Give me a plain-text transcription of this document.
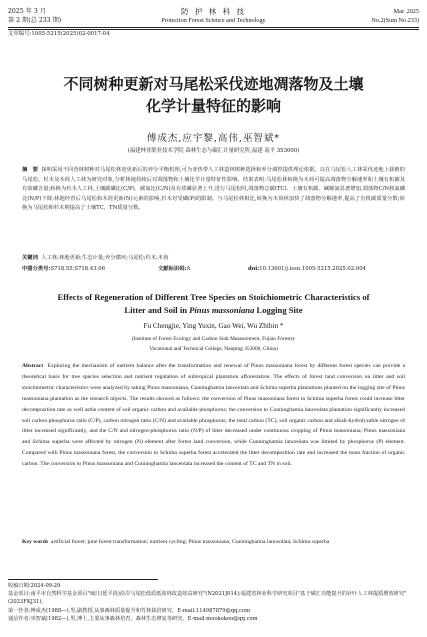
2025 年 3 月
第 2 期(总 233 期)
防 护 林 科 技
Protection Forest Science and Technology
Mar. 2025
No.2(Sum No.233)
文章编号:1005-5215(2025)02-0017-04
不同树种更新对马尾松采伐迹地凋落物及土壤
化学计量特征的影响
傅成杰,应宇黎,高伟,巫智斌*
(福建林业职业技术学院 森林生态与碳汇计量研究所,福建 南平 353000)
摘　要 探明采用不同营林树种对马尾松林迹更新后的养分平衡机理,可为亚热带人工林造林树种选择和养分调控提供理论依据。以在马尾松人工林采伐迹地上栽植的马尾松、杉木及木荷人工林为研究对象,分析林地持续后对凋落物和土壤化学计量特征性影响。结果表明:马尾松林转换为木荷可提高凋落物分解速率和土壤有机碳及有效磷含量;转换为杉木人工林,土壤碳磷比(C/P)、碳氮比(C/N)及有效磷显著上升,进行马尾松时,凋落物总碳(TC)、土壤有机碳、碱解氮显著增加,凋落物C/N和氮磷比(N/P)下降;林地经营后马尾松和木荷更新(N)元素的影响,杉木对受磷(P)的限制。与马尾松林相比,转换为木荷林加快了凋落物分解速率,提高了有机碳质量分数;转换为马尾松和杉木则提高了土壤TC、TN质量分数。
关键词 人工林;林地更新;生态计量;养分循环;马尾松;杉木;木荷
中图分类号:S718.55;S718.43.06	文献标识码:A	doi:10.13601/j.issn.1005-5215.2025.02.004
Effects of Regeneration of Different Tree Species on Stoichiometric Characteristics of
Litter and Soil in Pinus massoniana Logging Site
Fu Chengjie, Ying Yuxin, Gao Wei, Wu Zhibin *
(Institute of Forest Ecology and Carbon Sink Measurement, Fujian Forestry
Vocational and Technical College, Nanping 353000, China)
Abstract Exploring the mechanism of nutrient balance after the transformation and renewal of Pinus massoniana forest by different forest species can provide a theoretical basis for tree species selection and nutrient regulation of subtropical plantation afforestation. The effects of forest land conversion on litter and soil stoichiometric characteristics were analyzed by taking Pinus massoniana, Cunninghamia lanceolata and Schima superba plantations planted on the logging site of Pinus massoniana plantation as the research objects. The results showed as follows: the conversion of Pinus massoniana forest to Schima superba forest could increase litter decomposition rate as well asthe content of soil organic carbon and available phosphorus; the conversion to Cunninghamia lanceolata plantation significantly increased soil carbon phosphorus ratio (C/P), carbon nitrogen ratio (C/N) and available phosphorus; the total carbon (TC), soil organic carbon and alkali-hydrolyzable nitrogen of litter increased significantly, and the C/N and nitrogen-phosphorus ratio (N/P) of litter decreased under continuous cropping of Pinus massoniana; Pinus massoniana and Schima superba were affected by nitrogen (N) element after forest land conversion, while Cunninghamia lanceolata was limited by phosphorus (P) element. Compared with Pinus massoniana forest, the conversion to Schima superba forest accelerated the litter decomposition rate and increased the mass fraction of organic carbon. The conversion to Pinus massoniana and Cunninghamia lanceolata increased the content of TC and TN in soil.
Key words artificial forest; pine forest transformation; nutrient cycling; Pinus massoniana; Cunninghamia lanceolata; Schima superba
收稿日期:2024-09-29
基金项目:南平市自然科学基金项目"闽江(延平段)沿岸马尾松低质低效林改造效益研究"(N2021J014);福建省林业科学研究项目"基于碳汇功能提升的针叶人工林提质增效研究"(2023FKJ31)。
第一作者:傅成杰(1988—),男,副教授,从事森林质量提升和竹林栽培研究。E-mail:114987879@qq.com
通信作者:巫智斌(1982—),男,博士,主要从事森林培育、森林生态修复等研究。E-mail:mookokoo@qq.com
